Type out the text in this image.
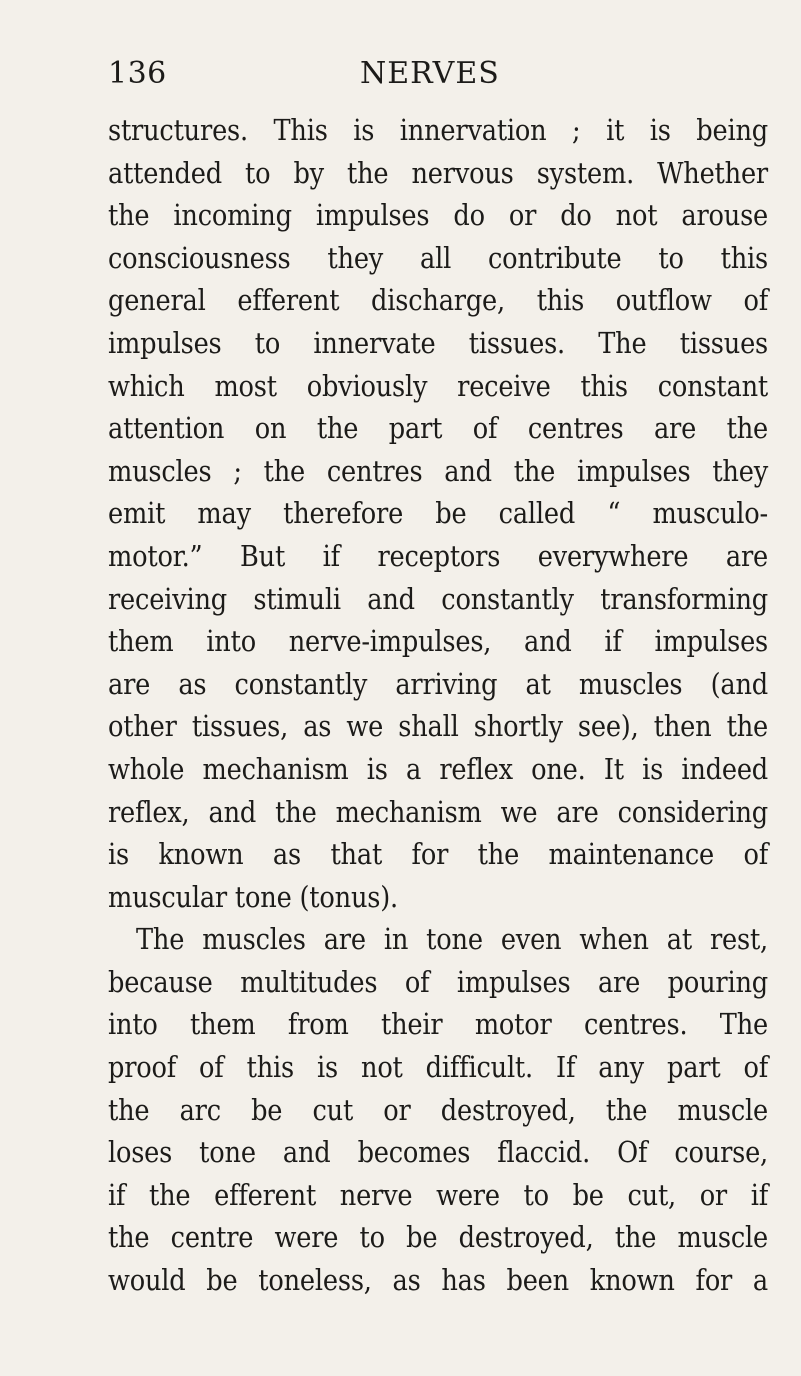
136	NERVES
structures. This is innervation ; it is being
attended to by the nervous system. Whether
the incoming impulses do or do not arouse
consciousness they all contribute to this
general efferent discharge, this outflow of
impulses to innervate tissues. The tissues
which most obviously receive this constant
attention on the part of centres are the
muscles ; the centres and the impulses they
emit may therefore be called “ musculo-
motor.” But if receptors everywhere are
receiving stimuli and constantly transforming
them into nerve-impulses, and if impulses
are as constantly arriving at muscles (and
other tissues, as we shall shortly see), then the
whole mechanism is a reflex one. It is indeed
reflex, and the mechanism we are considering
is known as that for the maintenance of
muscular tone (tonus).
The muscles are in tone even when at rest,
because multitudes of impulses are pouring
into them from their motor centres. The
proof of this is not difficult. If any part of
the arc be cut or destroyed, the muscle
loses tone and becomes flaccid. Of course,
if the efferent nerve were to be cut, or if
the centre were to be destroyed, the muscle
would be toneless, as has been known for a
